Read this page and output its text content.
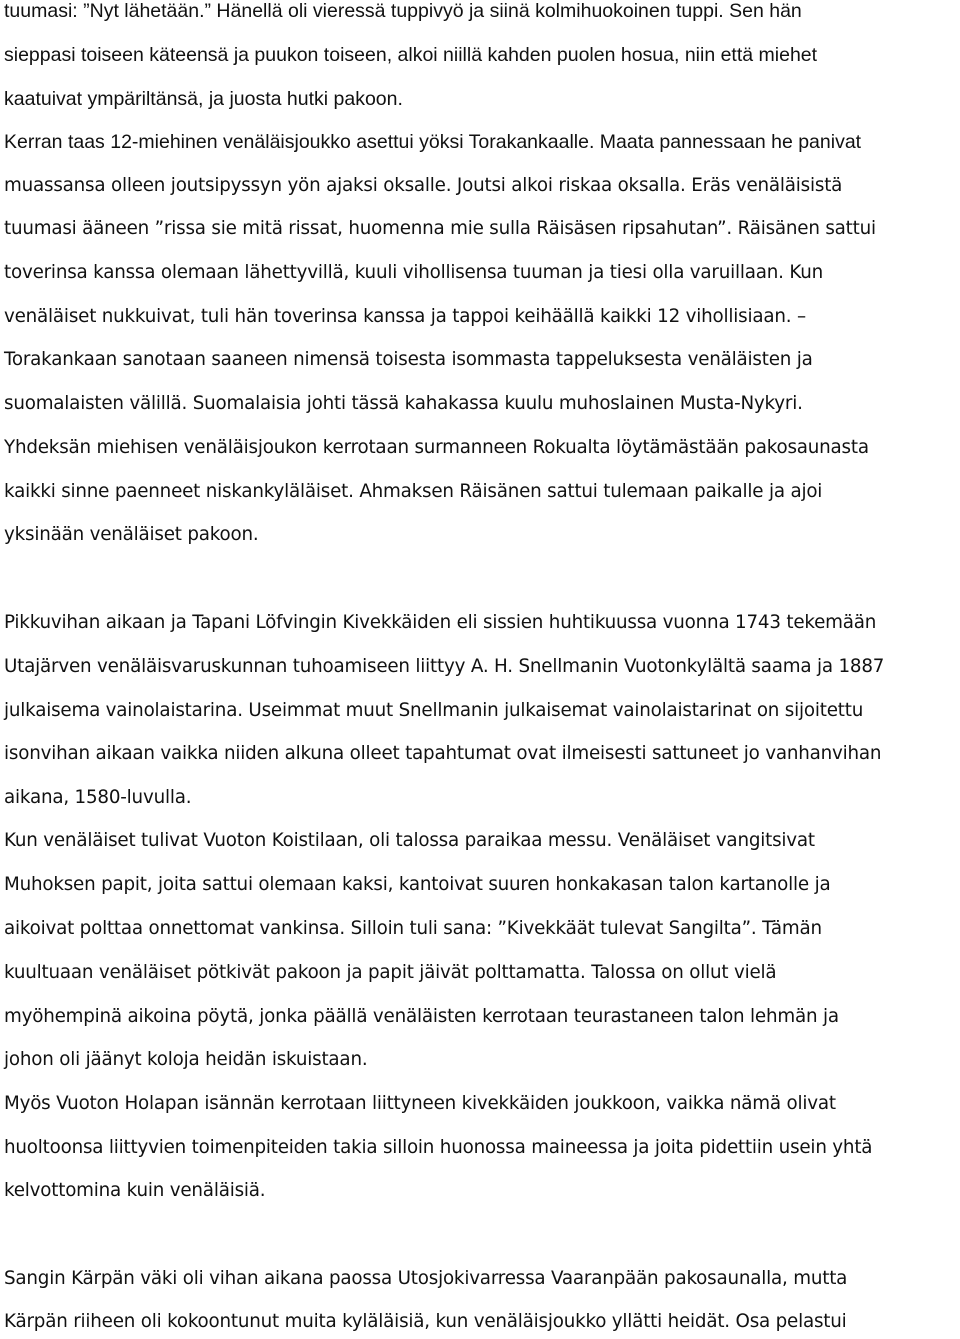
tuumasi: ”Nyt lähetään.” Hänellä oli vieressä tuppivyö ja siinä kolmihuokoinen tuppi. Sen hän

sieppasi toiseen käteensä ja puukon toiseen, alkoi niillä kahden puolen hosua, niin että miehet

kaatuivat ympäriltänsä, ja juosta hutki pakoon.

Kerran taas 12-miehinen venäläisjoukko asettui yöksi Torakankaalle. Maata pannessaan he panivat

muassansa olleen joutsipyssyn yön ajaksi oksalle. Joutsi alkoi riskaa oksalla. Eräs venäläisistä

tuumasi ääneen ”rissa sie mitä rissat, huomenna mie sulla Räisäsen ripsahutan”. Räisänen sattui

toverinsa kanssa olemaan lähettyvillä, kuuli vihollisensa tuuman ja tiesi olla varuillaan. Kun

venäläiset nukkuivat, tuli hän toverinsa kanssa ja tappoi keihäällä kaikki 12 vihollisiaan. –

Torakankaan sanotaan saaneen nimensä toisesta isommasta tappeluksesta venäläisten ja

suomalaisten välillä. Suomalaisia johti tässä kahakassa kuulu muhoslainen Musta-Nykyri.

Yhdeksän miehisen venäläisjoukon kerrotaan surmanneen Rokualta löytämästään pakosaunasta

kaikki sinne paenneet niskankyläläiset. Ahmaksen Räisänen sattui tulemaan paikalle ja ajoi

yksinään venäläiset pakoon.

Pikkuvihan aikaan ja Tapani Löfvingin Kivekkäiden eli sissien huhtikuussa vuonna 1743 tekemään

Utajärven venäläisvaruskunnan tuhoamiseen liittyy A. H. Snellmanin Vuotonkylältä saama ja 1887

julkaisema vainolaistarina. Useimmat muut Snellmanin julkaisemat vainolaistarinat on sijoitettu

isonvihan aikaan vaikka niiden alkuna olleet tapahtumat ovat ilmeisesti sattuneet jo vanhanvihan

aikana, 1580-luvulla.

Kun venäläiset tulivat Vuoton Koistilaan, oli talossa paraikaa messu. Venäläiset vangitsivat

Muhoksen papit, joita sattui olemaan kaksi, kantoivat suuren honkakasan talon kartanolle ja

aikoivat polttaa onnettomat vankinsa. Silloin tuli sana: ”Kivekkäät tulevat Sangilta”. Tämän

kuultuaan venäläiset pötkivät pakoon ja papit jäivät polttamatta. Talossa on ollut vielä

myöhempinä aikoina pöytä, jonka päällä venäläisten kerrotaan teurastaneen talon lehmän ja

johon oli jäänyt koloja heidän iskuistaan.

Myös Vuoton Holapan isännän kerrotaan liittyneen kivekkäiden joukkoon, vaikka nämä olivat

huoltoonsa liittyvien toimenpiteiden takia silloin huonossa maineessa ja joita pidettiin usein yhtä

kelvottomina kuin venäläisiä.

Sangin Kärpän väki oli vihan aikana paossa Utosjokivarressa Vaaranpään pakosaunalla, mutta

Kärpän riiheen oli kokoontunut muita kyläläisiä, kun venäläisjoukko yllätti heidät. Osa pelastui
